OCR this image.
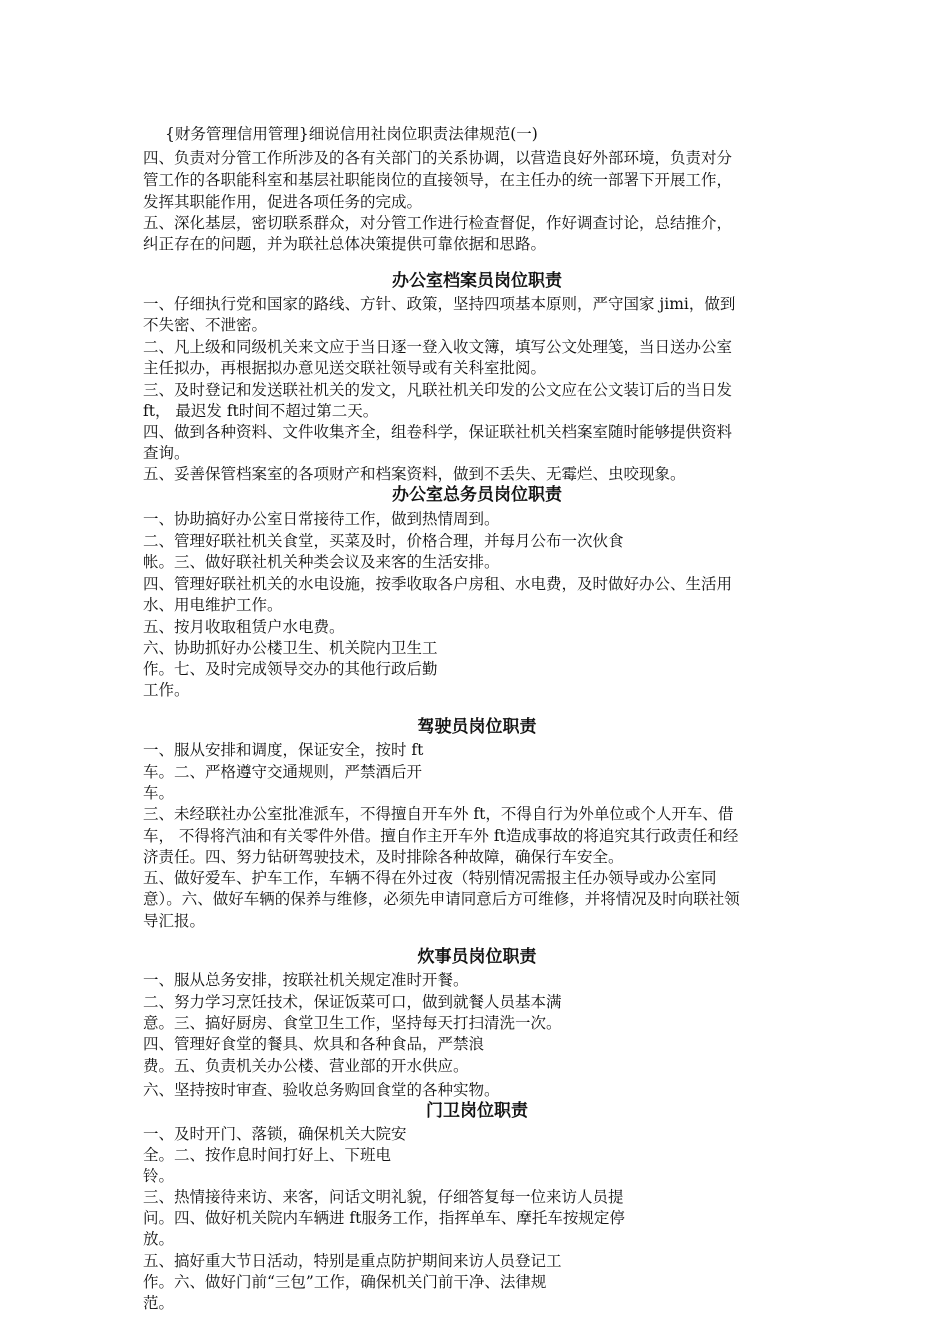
{财务管理信用管理}细说信用社岗位职责法律规范(一)
四、负责对分管工作所涉及的各有关部门的关系协调，以营造良好外部环境，负责对分
管工作的各职能科室和基层社职能岗位的直接领导，在主任办的统一部署下开展工作，
发挥其职能作用，促进各项任务的完成。
五、深化基层，密切联系群众，对分管工作进行检查督促，作好调查讨论，总结推介，
纠正存在的问题，并为联社总体决策提供可靠依据和思路。
办公室档案员岗位职责
一、仔细执行党和国家的路线、方针、政策，坚持四项基本原则，严守国家 jimi，做到
不失密、不泄密。
二、凡上级和同级机关来文应于当日逐一登入收文簿，填写公文处理笺，当日送办公室
主任拟办，再根据拟办意见送交联社领导或有关科室批阅。
三、及时登记和发送联社机关的发文，凡联社机关印发的公文应在公文装订后的当日发
ft， 最迟发 ft时间不超过第二天。
四、做到各种资料、文件收集齐全，组卷科学，保证联社机关档案室随时能够提供资料
查询。
五、妥善保管档案室的各项财产和档案资料，做到不丢失、无霉烂、虫咬现象。
办公室总务员岗位职责
一、协助搞好办公室日常接待工作，做到热情周到。
二、管理好联社机关食堂，买菜及时，价格合理，并每月公布一次伙食
帐。三、做好联社机关种类会议及来客的生活安排。
四、管理好联社机关的水电设施，按季收取各户房租、水电费，及时做好办公、生活用
水、用电维护工作。
五、按月收取租赁户水电费。
六、协助抓好办公楼卫生、机关院内卫生工
作。七、及时完成领导交办的其他行政后勤
工作。
驾驶员岗位职责
一、服从安排和调度，保证安全，按时 ft
车。二、严格遵守交通规则，严禁酒后开
车。
三、未经联社办公室批准派车，不得擅自开车外 ft，不得自行为外单位或个人开车、借
车， 不得将汽油和有关零件外借。擅自作主开车外 ft造成事故的将追究其行政责任和经
济责任。四、努力钻研驾驶技术，及时排除各种故障，确保行车安全。
五、做好爱车、护车工作，车辆不得在外过夜（特别情况需报主任办领导或办公室同
意）。六、做好车辆的保养与维修，必须先申请同意后方可维修，并将情况及时向联社领
导汇报。
炊事员岗位职责
一、服从总务安排，按联社机关规定准时开餐。
二、努力学习烹饪技术，保证饭菜可口，做到就餐人员基本满
意。三、搞好厨房、食堂卫生工作，坚持每天打扫清洗一次。
四、管理好食堂的餐具、炊具和各种食品，严禁浪
费。五、负责机关办公楼、营业部的开水供应。
六、坚持按时审查、验收总务购回食堂的各种实物。
门卫岗位职责
一、及时开门、落锁，确保机关大院安
全。二、按作息时间打好上、下班电
铃。
三、热情接待来访、来客，问话文明礼貌，仔细答复每一位来访人员提
问。四、做好机关院内车辆进 ft服务工作，指挥单车、摩托车按规定停
放。
五、搞好重大节日活动，特别是重点防护期间来访人员登记工
作。六、做好门前“三包”工作，确保机关门前干净、法律规
范。
